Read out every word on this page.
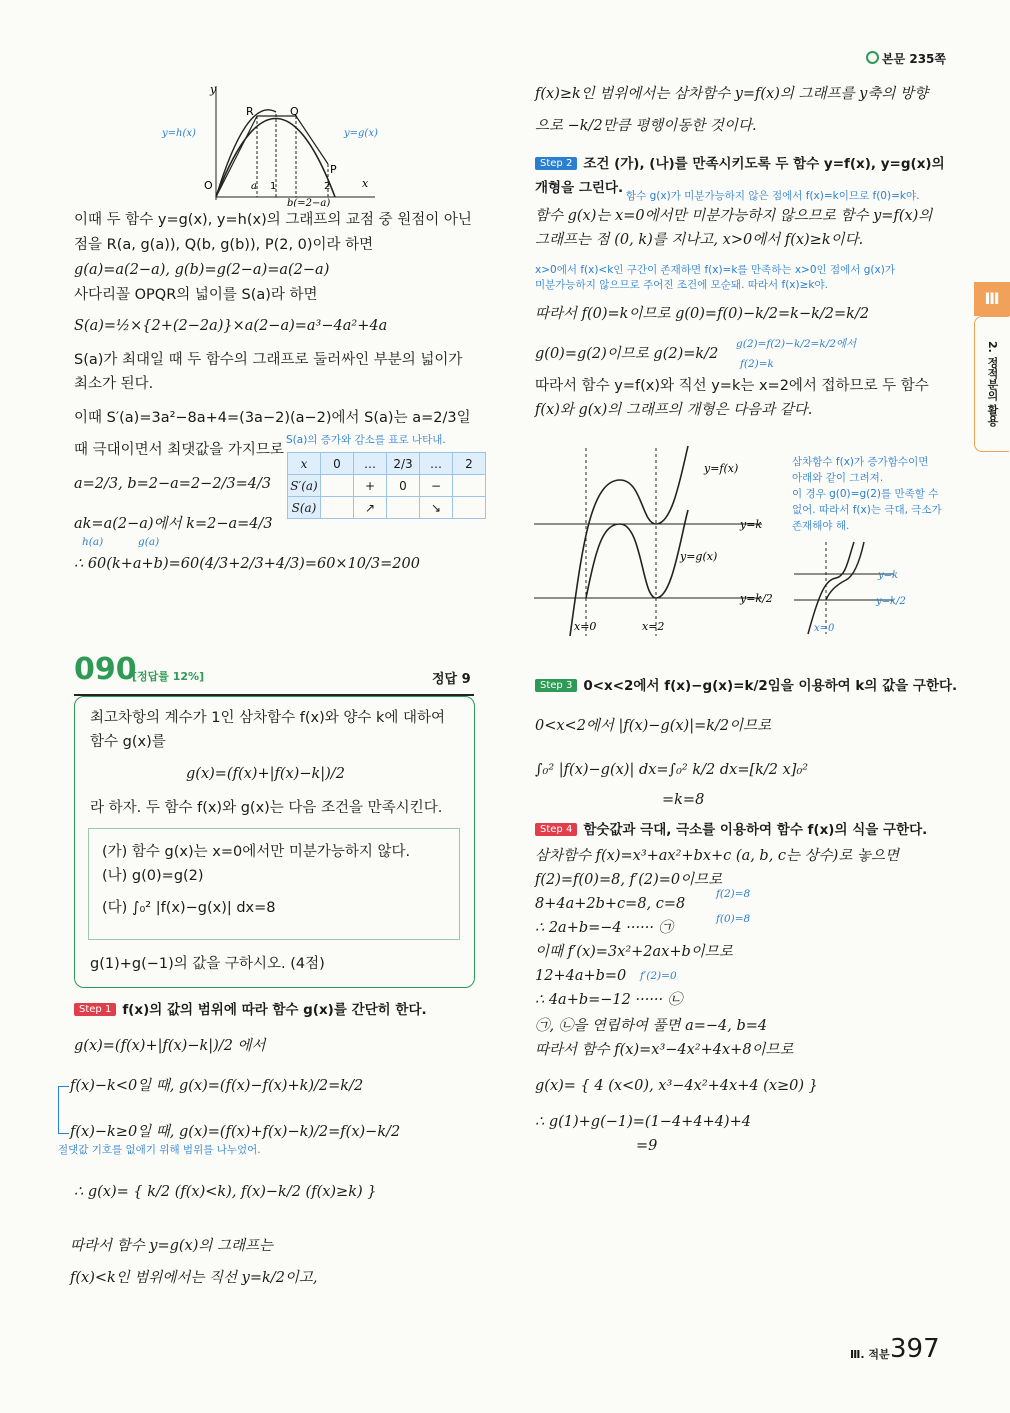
본문 235쪽
Ⅲ
2. 정적분의 활용
y
x
O	a 1	2
b(=2−a)
R	Q
P
y=h(x)	y=g(x)
이때 두 함수 y=g(x), y=h(x)의 그래프의 교점 중 원점이 아닌
점을 R(a, g(a)), Q(b, g(b)), P(2, 0)이라 하면
g(a)=a(2−a), g(b)=g(2−a)=a(2−a)
사다리꼴 OPQR의 넓이를 S(a)라 하면
S(a)=½×{2+(2−2a)}×a(2−a)=a³−4a²+4a
S(a)가 최대일 때 두 함수의 그래프로 둘러싸인 부분의 넓이가
최소가 된다.
이때 S′(a)=3a²−8a+4=(3a−2)(a−2)에서 S(a)는 a=2/3일
때 극대이면서 최댓값을 가지므로
S(a)의 증가와 감소를 표로 나타내.
a=2/3, b=2−a=2−2/3=4/3
ak=a(2−a)에서 k=2−a=4/3
h(a)	g(a)
∴ 60(k+a+b)=60(4/3+2/3+4/3)=60×10/3=200
x	0	…	2/3	…	2
S′(a)		+	0	−	
S(a)		↗		↘	
090
[정답률 12%]	정답 9
최고차항의 계수가 1인 삼차함수 f(x)와 양수 k에 대하여
함수 g(x)를
g(x)=(f(x)+|f(x)−k|)/2
라 하자. 두 함수 f(x)와 g(x)는 다음 조건을 만족시킨다.
(가) 함수 g(x)는 x=0에서만 미분가능하지 않다.
(나) g(0)=g(2)
(다) ∫₀² |f(x)−g(x)| dx=8
g(1)+g(−1)의 값을 구하시오. (4점)
Step 1 f(x)의 값의 범위에 따라 함수 g(x)를 간단히 한다.
g(x)=(f(x)+|f(x)−k|)/2 에서
f(x)−k<0일 때, g(x)=(f(x)−f(x)+k)/2=k/2
f(x)−k≥0일 때, g(x)=(f(x)+f(x)−k)/2=f(x)−k/2
절댓값 기호를 없애기 위해 범위를 나누었어.
∴ g(x)= { k/2 (f(x)<k), f(x)−k/2 (f(x)≥k) }
따라서 함수 y=g(x)의 그래프는
f(x)<k인 범위에서는 직선 y=k/2이고,
f(x)≥k인 범위에서는 삼차함수 y=f(x)의 그래프를 y축의 방향
으로 −k/2만큼 평행이동한 것이다.
Step 2 조건 (가), (나)를 만족시키도록 두 함수 y=f(x), y=g(x)의
개형을 그린다. 함수 g(x)가 미분가능하지 않은 점에서 f(x)=k이므로 f(0)=k야.
함수 g(x)는 x=0에서만 미분가능하지 않으므로 함수 y=f(x)의
그래프는 점 (0, k)를 지나고, x>0에서 f(x)≥k이다.
x>0에서 f(x)<k인 구간이 존재하면 f(x)=k를 만족하는 x>0인 점에서 g(x)가
미분가능하지 않으므로 주어진 조건에 모순돼. 따라서 f(x)≥k야.
따라서 f(0)=k이므로 g(0)=f(0)−k/2=k−k/2=k/2
g(0)=g(2)이므로 g(2)=k/2
g(2)=f(2)−k/2=k/2에서
f(2)=k
따라서 함수 y=f(x)와 직선 y=k는 x=2에서 접하므로 두 함수
f(x)와 g(x)의 그래프의 개형은 다음과 같다.
y=f(x)
y=g(x)
y=k
y=k/2
x=0	x=2
삼차함수 f(x)가 증가함수이면
아래와 같이 그려져.
이 경우 g(0)=g(2)를 만족할 수
없어. 따라서 f(x)는 극대, 극소가
존재해야 해.
y=k
y=k/2
x=0
Step 3 0<x<2에서 f(x)−g(x)=k/2임을 이용하여 k의 값을 구한다.
0<x<2에서 |f(x)−g(x)|=k/2이므로
∫₀² |f(x)−g(x)| dx=∫₀² k/2 dx=[k/2 x]₀²
=k=8
Step 4 함숫값과 극대, 극소를 이용하여 함수 f(x)의 식을 구한다.
삼차함수 f(x)=x³+ax²+bx+c (a, b, c는 상수)로 놓으면
f(2)=f(0)=8, f′(2)=0이므로
f(2)=8
8+4a+2b+c=8, c=8
f(0)=8
∴ 2a+b=−4 ······ ㉠
이때 f′(x)=3x²+2ax+b이므로
12+4a+b=0 f′(2)=0
∴ 4a+b=−12 ······ ㉡
㉠, ㉡을 연립하여 풀면 a=−4, b=4
따라서 함수 f(x)=x³−4x²+4x+8이므로
g(x)= { 4 (x<0), x³−4x²+4x+4 (x≥0) }
∴ g(1)+g(−1)=(1−4+4+4)+4
=9
Ⅲ. 적분 397
